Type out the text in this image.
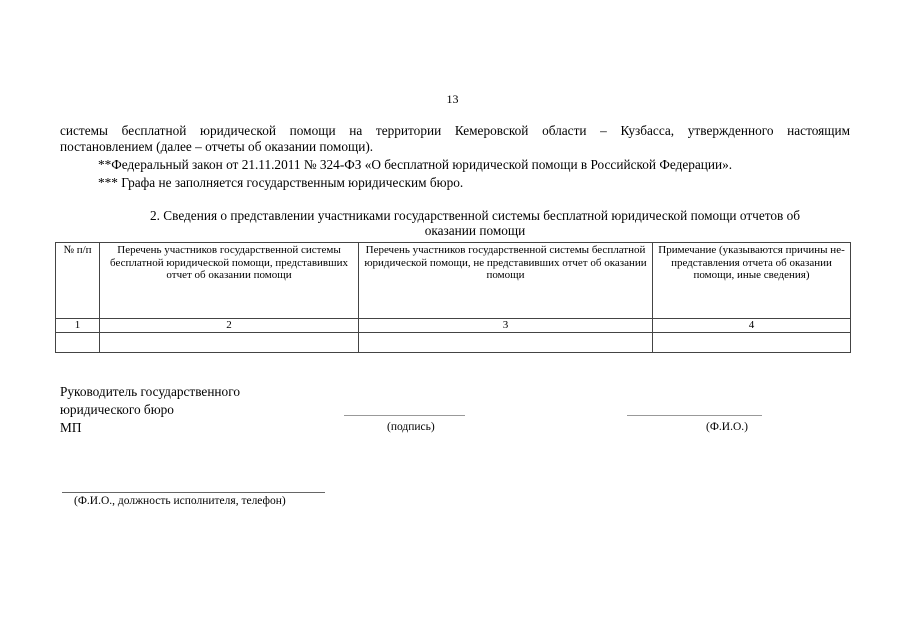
13
системы бесплатной юридической помощи на территории Кемеровской области – Кузбасса, утвержденного настоящим
постановлением (далее – отчеты об оказании помощи).
**Федеральный закон от 21.11.2011 № 324-ФЗ «О бесплатной юридической помощи в Российской Федерации».
*** Графа не заполняется государственным юридическим бюро.
2. Сведения о представлении участниками государственной системы бесплатной юридической помощи отчетов об
оказании помощи
№ п/п	Перечень участников государственной системы бесплатной юридической помощи, представивших отчет об оказании помощи	Перечень участников государственной системы бесплатной юридической помощи, не представивших отчет об оказании помощи	Примечание (указываются причины не-представления отчета об оказании помощи, иные сведения)
1	2	3	4

Руководитель государственного
юридического бюро
МП	(подпись)	(Ф.И.О.)
(Ф.И.О., должность исполнителя, телефон)
